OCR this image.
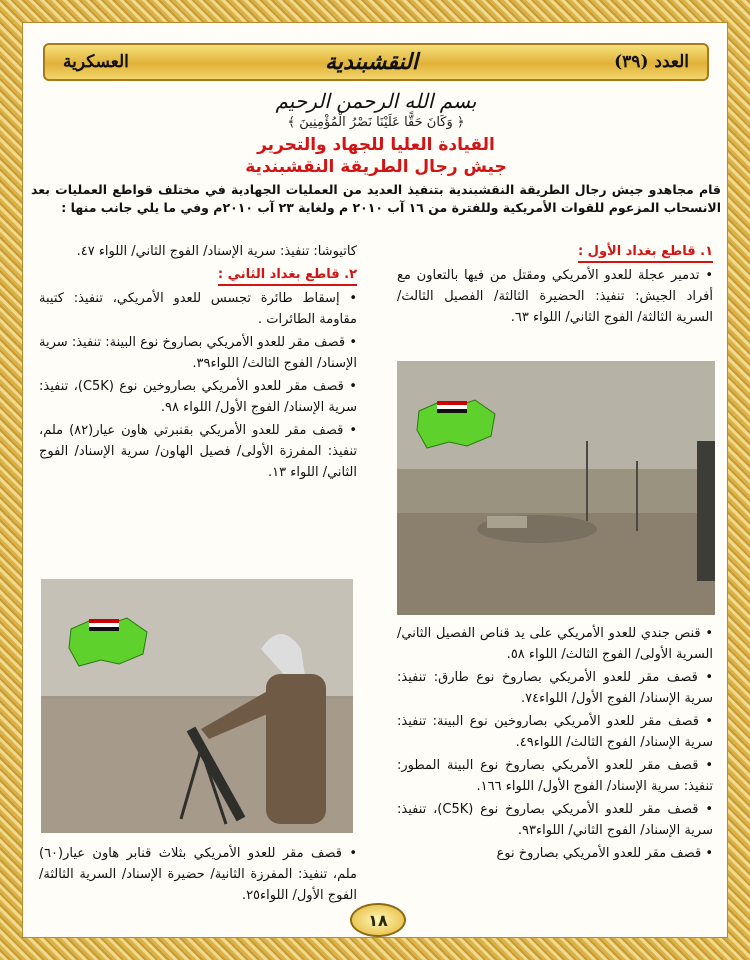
العدد (٣٩)
النقشبندية
العسكرية
بسم الله الرحمن الرحيم
﴿ وَكَانَ حَقًّا عَلَيْنَا نَصْرُ الْمُؤْمِنِينَ ﴾
القيادة العليا للجهاد والتحرير
جيش رجال الطريقة النقشبندية
قام مجاهدو جيش رجال الطريقة النقشبندية بتنفيذ العديد من العمليات الجهادية في مختلف قواطع العمليات بعد الانسحاب المزعوم للقوات الأمريكية وللفترة من ١٦ آب ٢٠١٠ م ولغاية ٢٣ آب ٢٠١٠م وفي ما يلي جانب منها :
١. قاطع بغداد الأول :

• تدمير عجلة للعدو الأمريكي ومقتل من فيها بالتعاون مع أفراد الجيش: تنفيذ: الحضيرة الثالثة/ الفصيل الثالث/ السرية الثالثة/ الفوج الثاني/ اللواء ٦٣.

• قنص جندي للعدو الأمريكي على يد قناص الفصيل الثاني/ السرية الأولى/ الفوج الثالث/ اللواء ٥٨.

• قصف مقر للعدو الأمريكي بصاروخ نوع طارق: تنفيذ: سرية الإسناد/ الفوج الأول/ اللواء٧٤.

• قصف مقر للعدو الأمريكي بصاروخين نوع البينة: تنفيذ: سرية الإسناد/ الفوج الثالث/ اللواء٤٩.

• قصف مقر للعدو الأمريكي بصاروخ نوع البينة المطور: تنفيذ: سرية الإسناد/ الفوج الأول/ اللواء ١٦٦.

• قصف مقر للعدو الأمريكي بصاروخ نوع (C5K)، تنفيذ: سرية الإسناد/ الفوج الثاني/ اللواء٩٣.

• قصف مقر للعدو الأمريكي بصاروخ نوع

كاتيوشا: تنفيذ: سرية الإسناد/ الفوج الثاني/ اللواء ٤٧.

٢. قاطع بغداد الثاني :

• إسقاط طائرة تجسس للعدو الأمريكي، تنفيذ: كتيبة مقاومة الطائرات .

• قصف مقر للعدو الأمريكي بصاروخ نوع البينة: تنفيذ: سرية الإسناد/ الفوج الثالث/ اللواء٣٩.

• قصف مقر للعدو الأمريكي بصاروخين نوع (C5K)، تنفيذ: سرية الإسناد/ الفوج الأول/ اللواء ٩٨.

• قصف مقر للعدو الأمريكي بقنبرتي هاون عيار(٨٢) ملم، تنفيذ: المفرزة الأولى/ فصيل الهاون/ سرية الإسناد/ الفوج الثاني/ اللواء ١٣.

• قصف مقر للعدو الأمريكي بثلاث قنابر هاون عيار(٦٠) ملم، تنفيذ: المفرزة الثانية/ حضيرة الإسناد/ السرية الثالثة/ الفوج الأول/ اللواء٢٥.

١٨
